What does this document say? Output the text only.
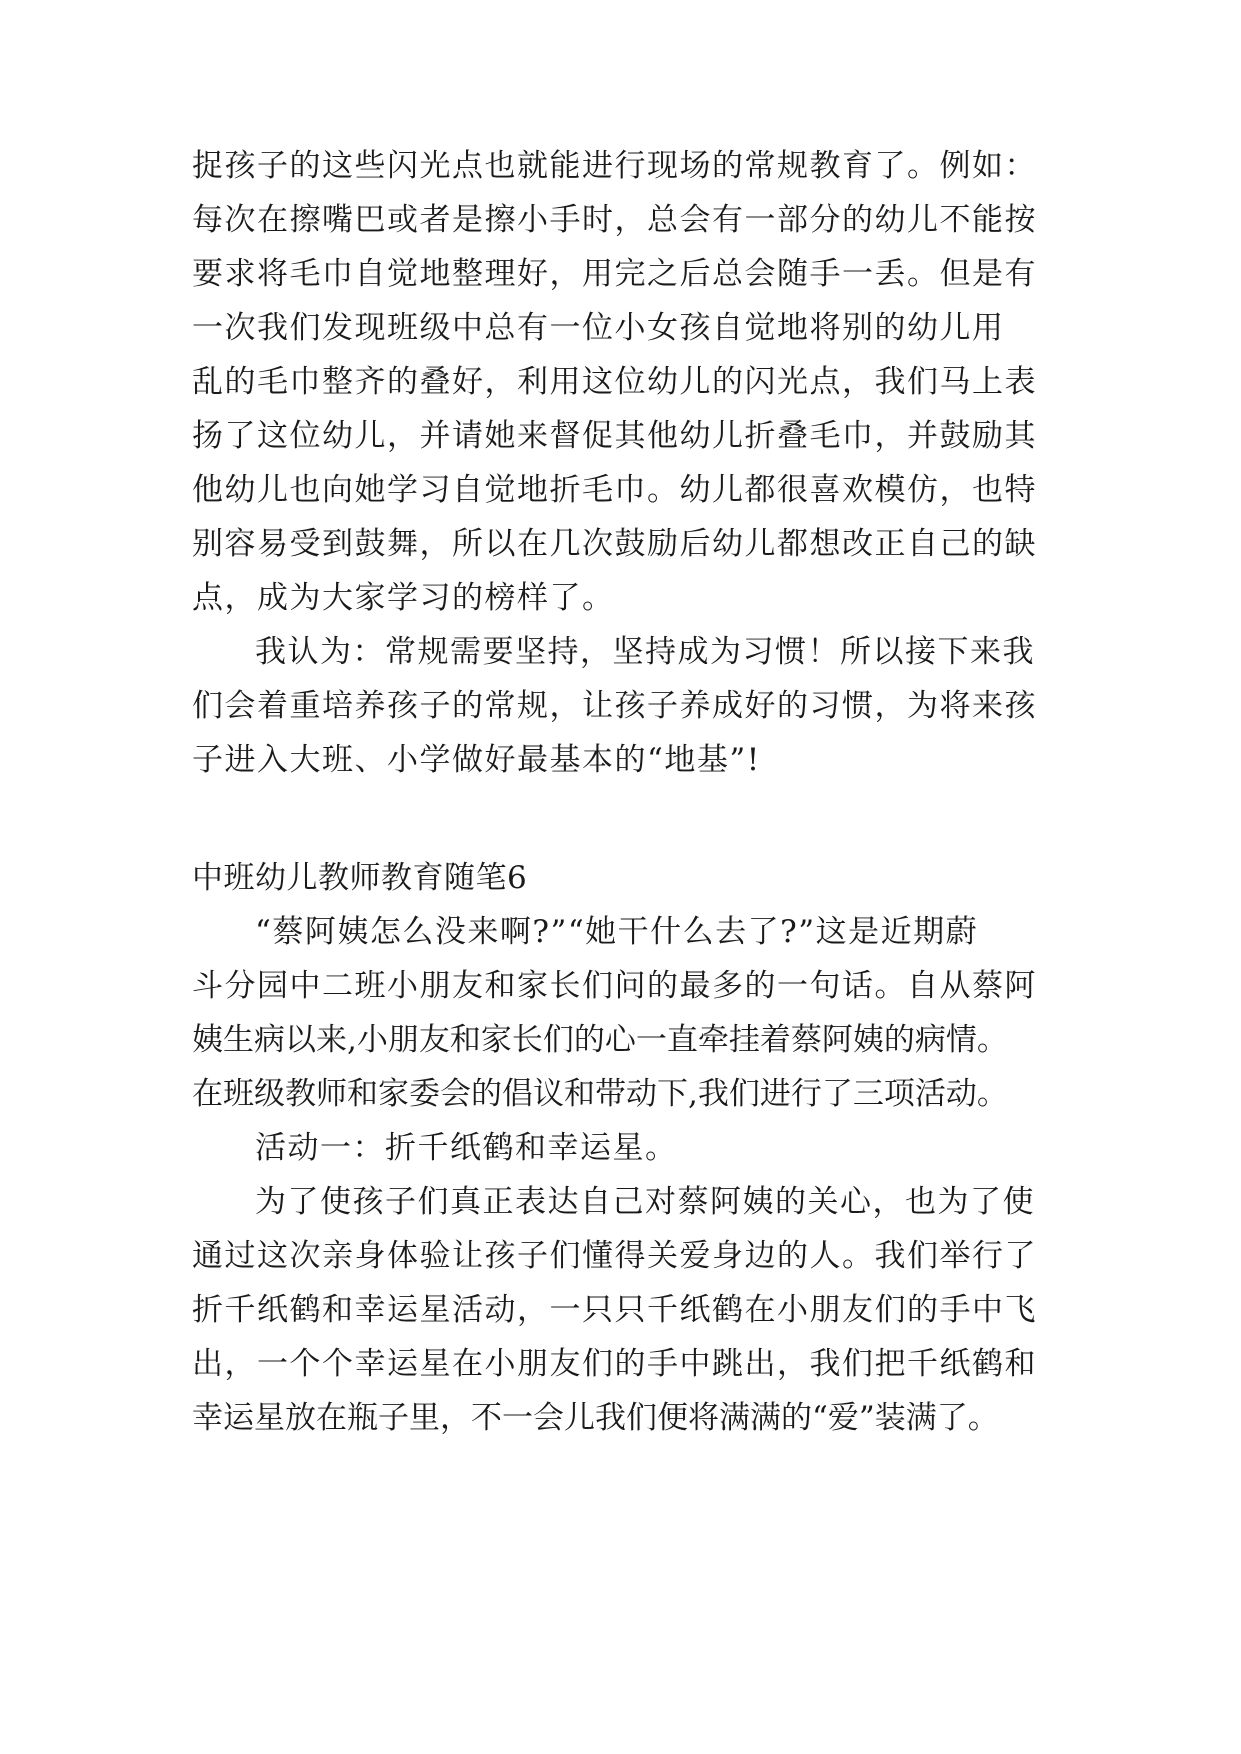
捉孩子的这些闪光点也就能进行现场的常规教育了。例如：
每次在擦嘴巴或者是擦小手时，总会有一部分的幼儿不能按
要求将毛巾自觉地整理好，用完之后总会随手一丢。但是有
一次我们发现班级中总有一位小女孩自觉地将别的幼儿用
乱的毛巾整齐的叠好，利用这位幼儿的闪光点，我们马上表
扬了这位幼儿，并请她来督促其他幼儿折叠毛巾，并鼓励其
他幼儿也向她学习自觉地折毛巾。幼儿都很喜欢模仿，也特
别容易受到鼓舞，所以在几次鼓励后幼儿都想改正自己的缺
点，成为大家学习的榜样了。
我认为：常规需要坚持，坚持成为习惯！所以接下来我
们会着重培养孩子的常规，让孩子养成好的习惯，为将来孩
子进入大班、小学做好最基本的“地基”!
中班幼儿教师教育随笔6
“蔡阿姨怎么没来啊?”“她干什么去了?”这是近期蔚
斗分园中二班小朋友和家长们问的最多的一句话。自从蔡阿
姨生病以来,小朋友和家长们的心一直牵挂着蔡阿姨的病情。
在班级教师和家委会的倡议和带动下,我们进行了三项活动。
活动一：折千纸鹤和幸运星。
为了使孩子们真正表达自己对蔡阿姨的关心，也为了使
通过这次亲身体验让孩子们懂得关爱身边的人。我们举行了
折千纸鹤和幸运星活动，一只只千纸鹤在小朋友们的手中飞
出，一个个幸运星在小朋友们的手中跳出，我们把千纸鹤和
幸运星放在瓶子里，不一会儿我们便将满满的“爱”装满了。
